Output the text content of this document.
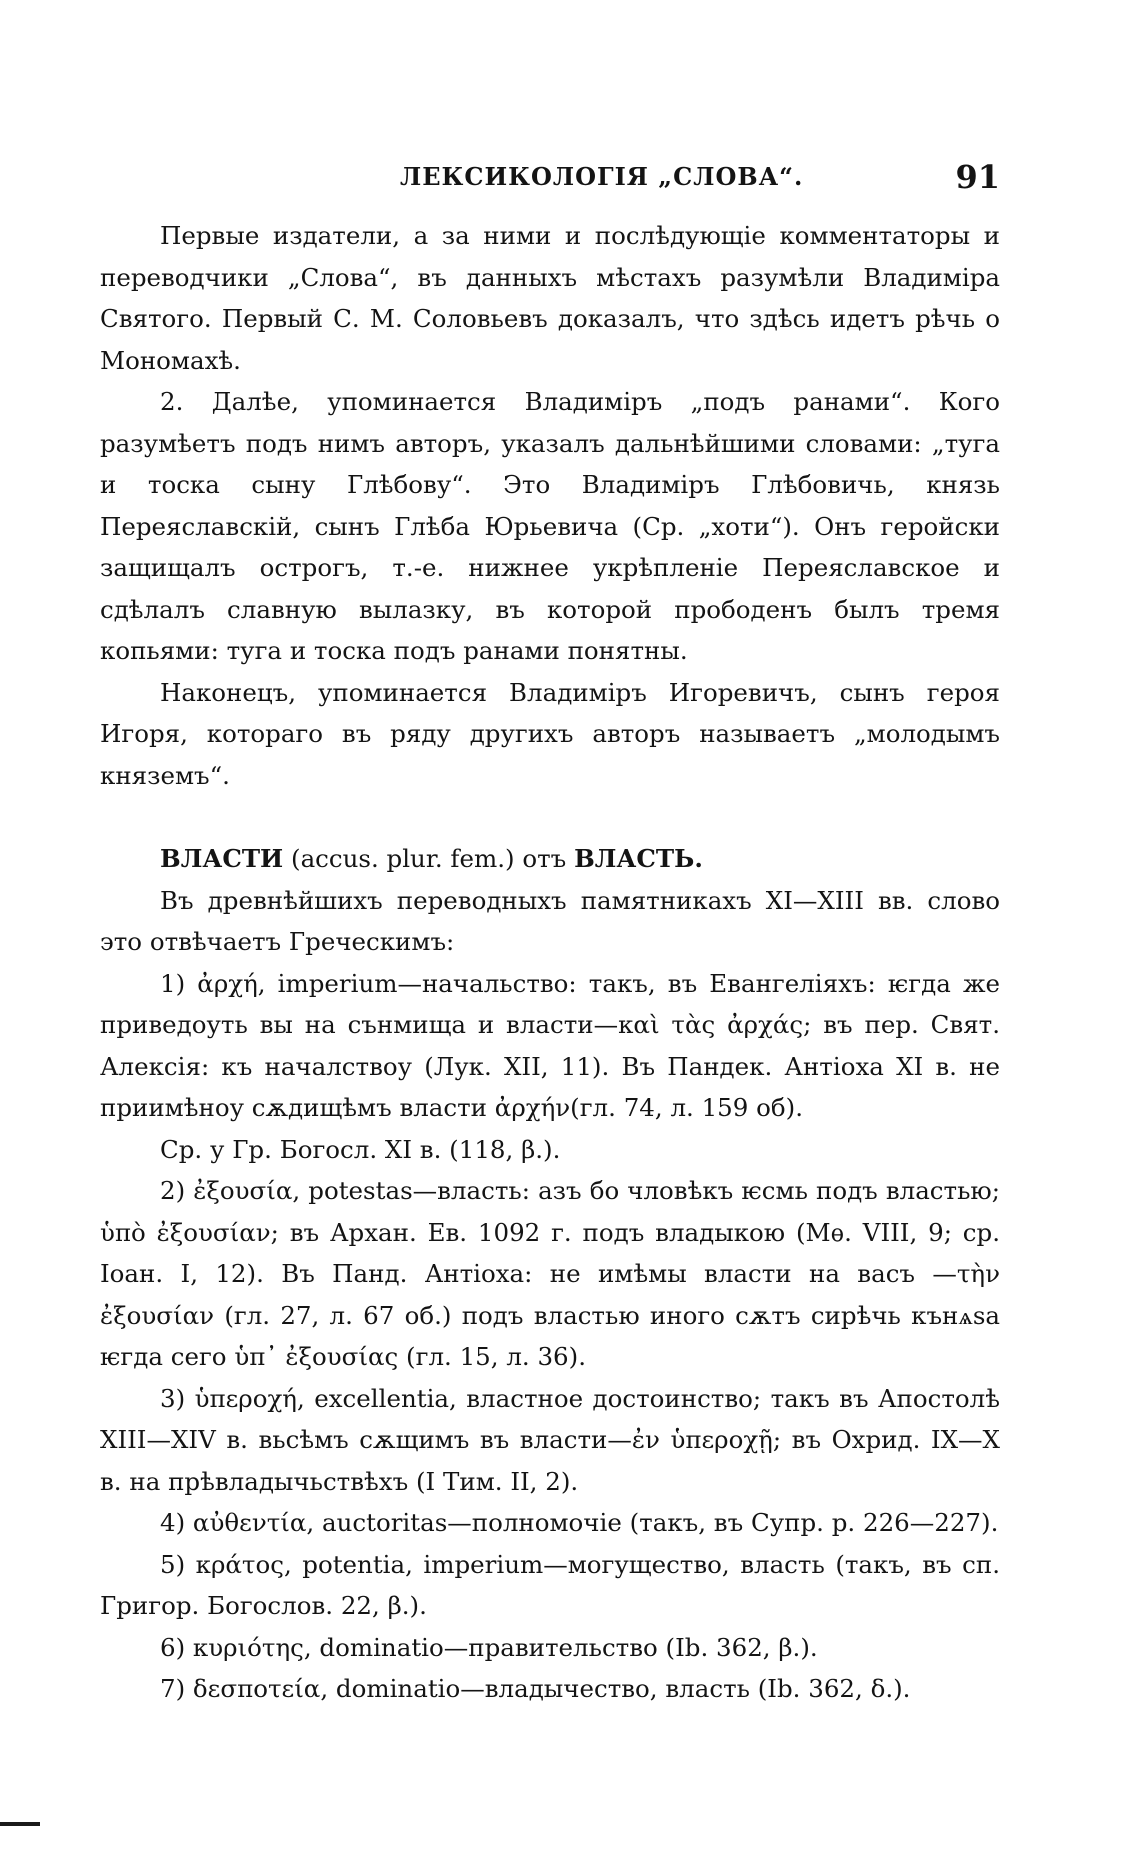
ЛЕКСИКОЛОГІЯ „СЛОВА“.	91

Первые издатели, а за ними и послѣдующіе комментаторы и переводчики „Слова“, въ данныхъ мѣстахъ разумѣли Владиміра Святого. Первый С. М. Соловьевъ доказалъ, что здѣсь идетъ рѣчь о Мономахѣ.

2. Далѣе, упоминается Владиміръ „подъ ранами“. Кого разумѣетъ подъ нимъ авторъ, указалъ дальнѣйшими словами: „туга и тоска сыну Глѣбову“. Это Владиміръ Глѣбовичь, князь Переяславскій, сынъ Глѣба Юрьевича (Ср. „хоти“). Онъ геройски защищалъ острогъ, т.-е. нижнее укрѣпленіе Переяславское и сдѣлалъ славную вылазку, въ которой прободенъ былъ тремя копьями: туга и тоска подъ ранами понятны.

Наконецъ, упоминается Владиміръ Игоревичъ, сынъ героя Игоря, котораго въ ряду другихъ авторъ называетъ „молодымъ княземъ“.

ВЛАСТИ (accus. plur. fem.) отъ ВЛАСТЬ.

Въ древнѣйшихъ переводныхъ памятникахъ XI—XIII вв. слово это отвѣчаетъ Греческимъ:

1) ἀρχή, imperium—начальство: такъ, въ Евангеліяхъ: ѥгда же приведоуть вы на сънмища и власти—καὶ τὰς ἀρχάς; въ пер. Свят. Алексія: къ началствоу (Лук. XII, 11). Въ Пандек. Антіоха XI в. не приимѣноу сѫдищѣмъ власти ἀρχήν(гл. 74, л. 159 об).

Ср. у Гр. Богосл. XI в. (118, β.).

2) ἐξουσία, potestas—власть: азъ бо чловѣкъ ѥсмь подъ властью; ὑπὸ ἐξουσίαν; въ Архан. Ев. 1092 г. подъ владыкою (Мѳ. VIII, 9; ср. Іоан. I, 12). Въ Панд. Антіоха: не имѣмы власти на васъ —τὴν ἐξουσίαν (гл. 27, л. 67 об.) подъ властью иного сѫтъ сирѣчь кънѧѕа ѥгда сего ὑπ᾽ ἐξουσίας (гл. 15, л. 36).

3) ὑπεροχή, excellentia, властное достоинство; такъ въ Апостолѣ XIII—XIV в. вьсѣмъ сѫщимъ въ власти—ἐν ὑπεροχῇ; въ Охрид. IX—X в. на прѣвладычьствѣхъ (I Тим. II, 2).

4) αὐθεντία, auctoritas—полномочіе (такъ, въ Супр. р. 226—227).

5) κράτος, potentia, imperium—могущество, власть (такъ, въ сп. Григор. Богослов. 22, β.).

6) κυριότης, dominatio—правительство (Ib. 362, β.).

7) δεσποτεία, dominatio—владычество, власть (Ib. 362, δ.).
